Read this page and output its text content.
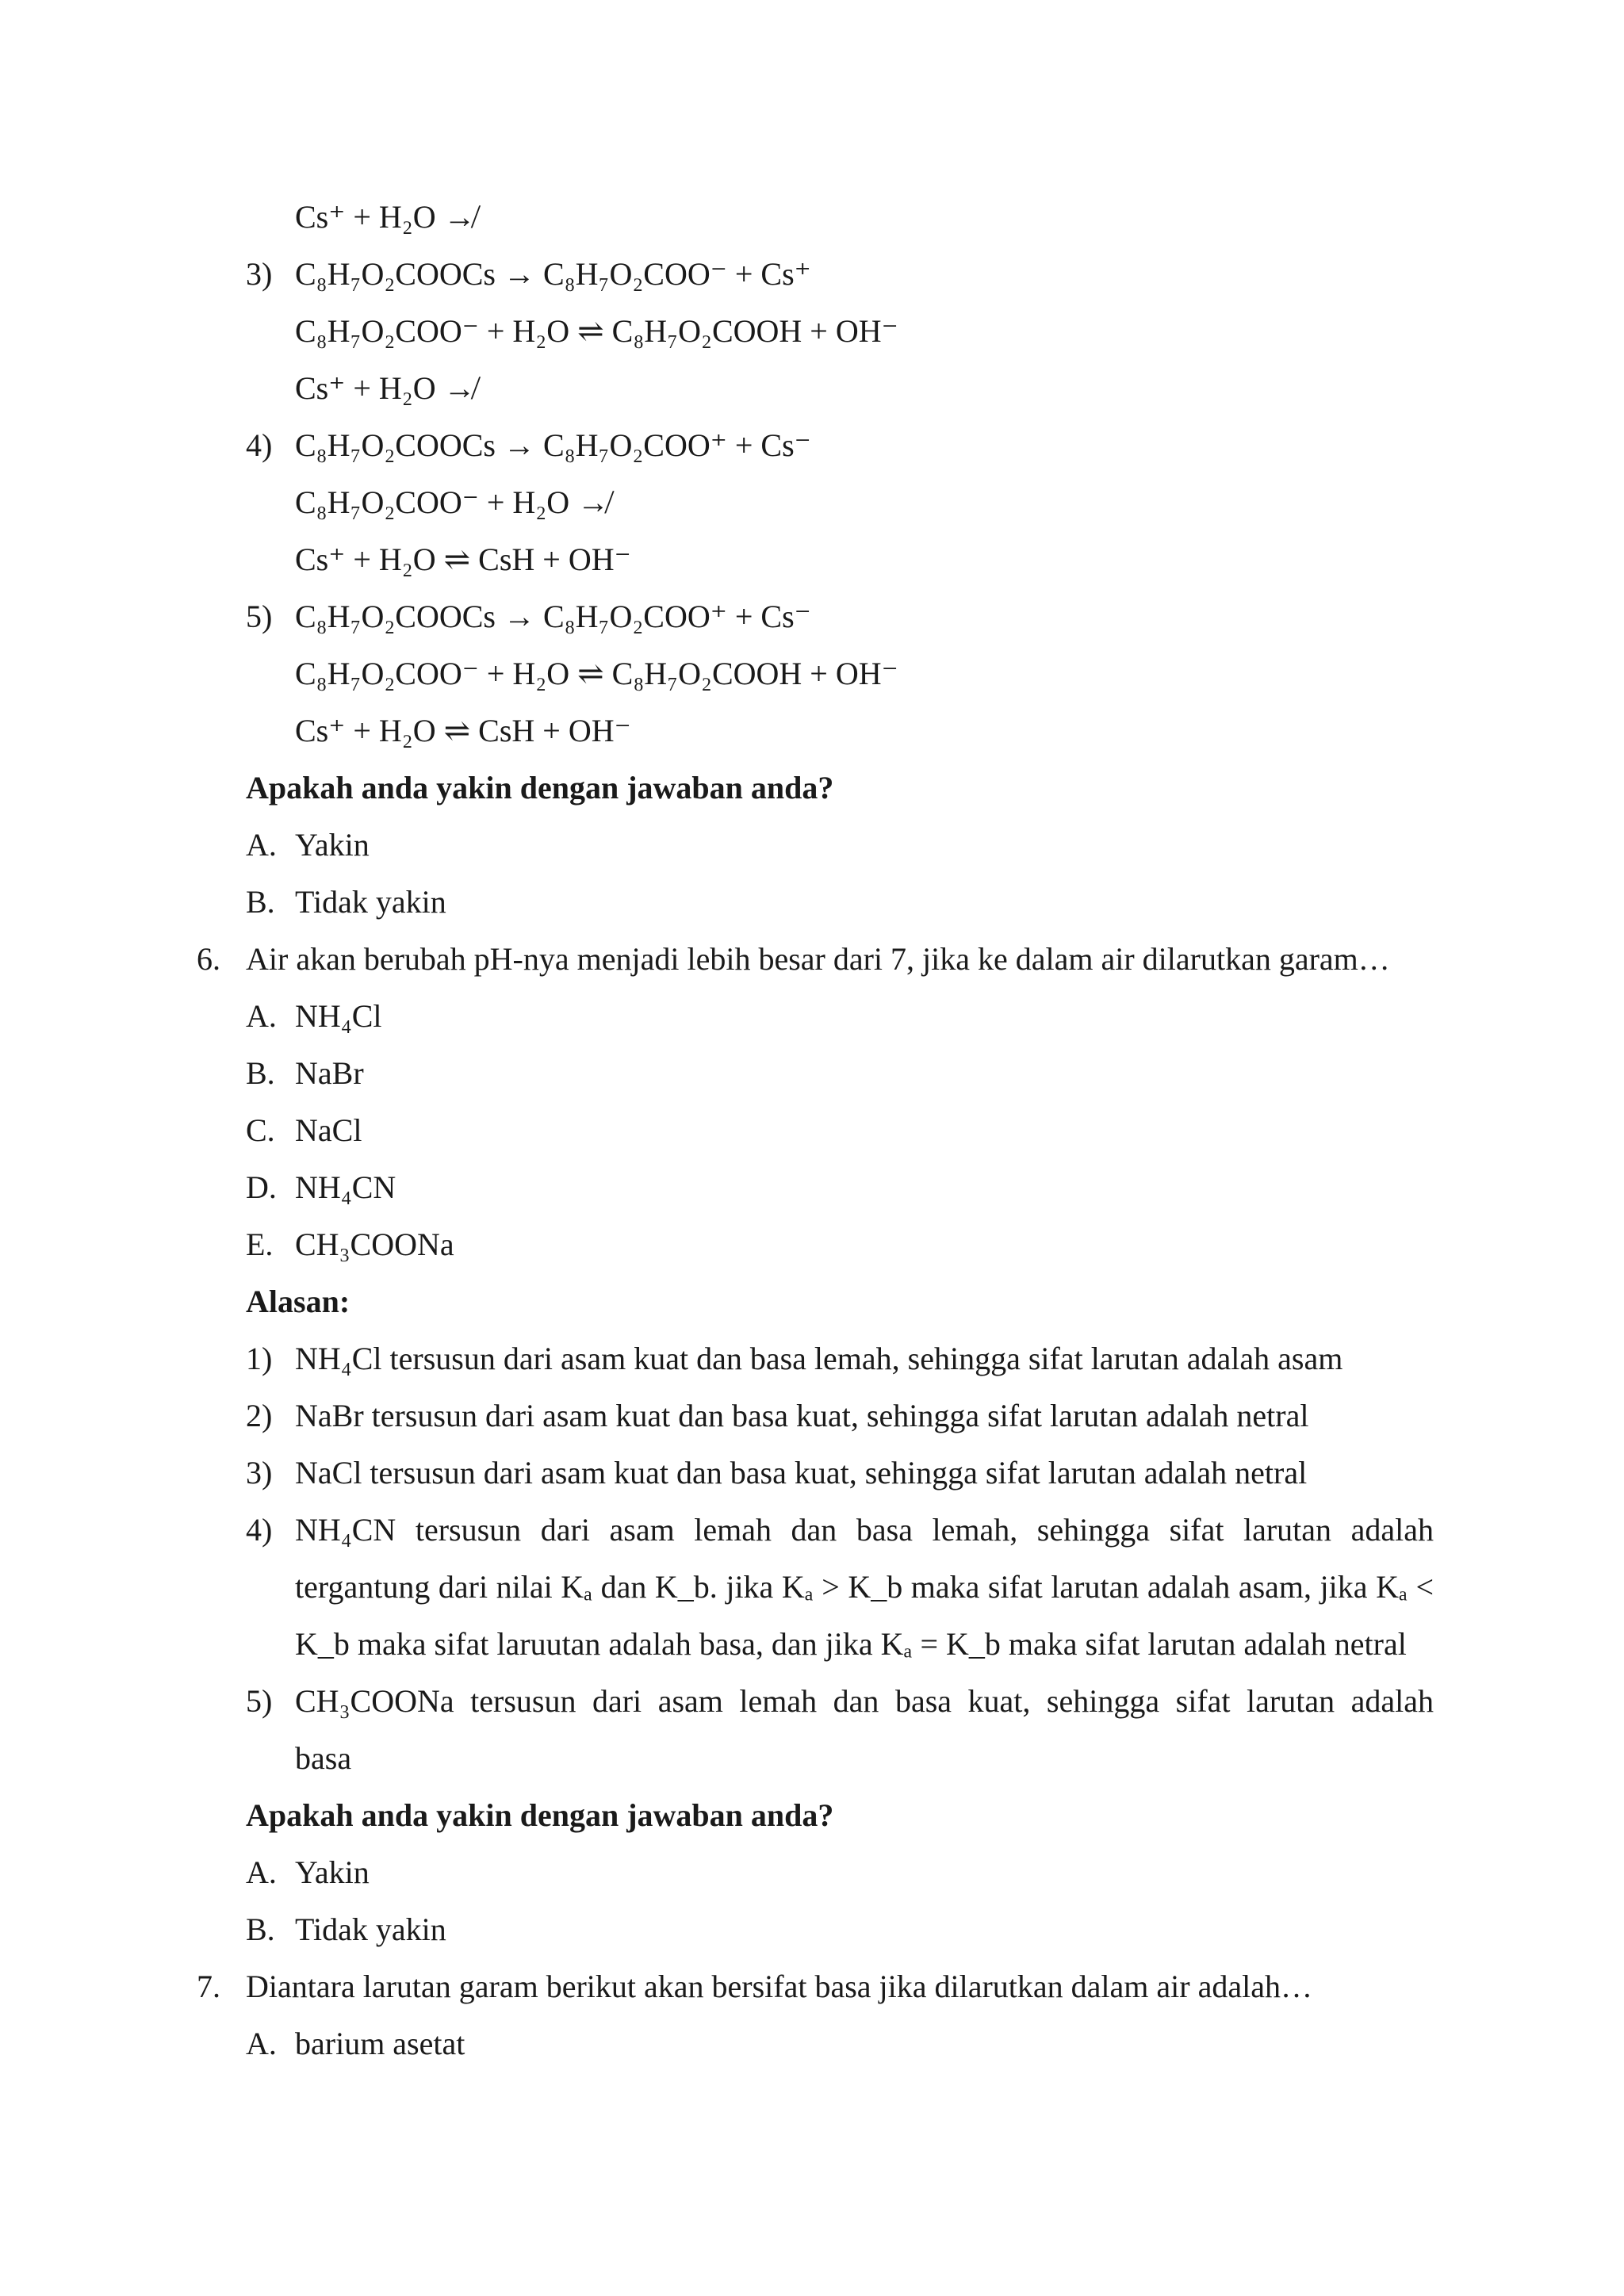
Cs⁺ + H₂O ↛
3) C₈H₇O₂COOCs → C₈H₇O₂COO⁻ + Cs⁺
C₈H₇O₂COO⁻ + H₂O ⇌ C₈H₇O₂COOH + OH⁻
Cs⁺ + H₂O ↛
4) C₈H₇O₂COOCs → C₈H₇O₂COO⁺ + Cs⁻
C₈H₇O₂COO⁻ + H₂O ↛
Cs⁺ + H₂O ⇌ CsH + OH⁻
5) C₈H₇O₂COOCs → C₈H₇O₂COO⁺ + Cs⁻
C₈H₇O₂COO⁻ + H₂O ⇌ C₈H₇O₂COOH + OH⁻
Cs⁺ + H₂O ⇌ CsH + OH⁻
Apakah anda yakin dengan jawaban anda?
A. Yakin
B. Tidak yakin
6. Air akan berubah pH-nya menjadi lebih besar dari 7, jika ke dalam air dilarutkan garam…
A. NH₄Cl
B. NaBr
C. NaCl
D. NH₄CN
E. CH₃COONa
Alasan:
1) NH₄Cl tersusun dari asam kuat dan basa lemah, sehingga sifat larutan adalah asam
2) NaBr tersusun dari asam kuat dan basa kuat, sehingga sifat larutan adalah netral
3) NaCl tersusun dari asam kuat dan basa kuat, sehingga sifat larutan adalah netral
4) NH₄CN tersusun dari asam lemah dan basa lemah, sehingga sifat larutan adalah
tergantung dari nilai Kₐ dan K_b. jika Kₐ > K_b maka sifat larutan adalah asam, jika Kₐ <
K_b maka sifat laruutan adalah basa, dan jika Kₐ = K_b maka sifat larutan adalah netral
5) CH₃COONa tersusun dari asam lemah dan basa kuat, sehingga sifat larutan adalah
basa
Apakah anda yakin dengan jawaban anda?
A. Yakin
B. Tidak yakin
7. Diantara larutan garam berikut akan bersifat basa jika dilarutkan dalam air adalah…
A. barium asetat
